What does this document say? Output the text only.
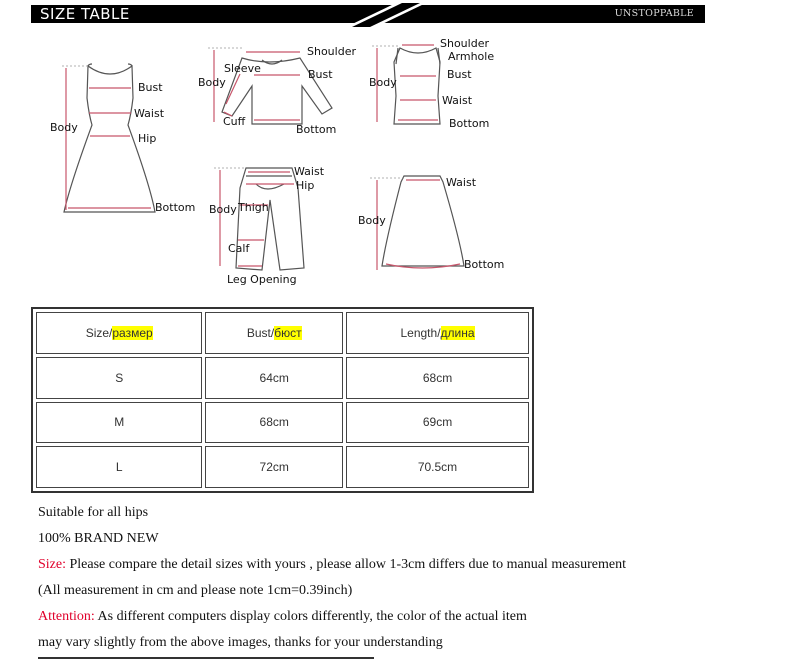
SIZE TABLE	UNSTOPPABLE
Bust
Waist
Hip
Body
Bottom
Shoulder
Sleeve	Bust
Body
Cuff
Bottom
Shoulder
Armhole
Bust
Body
Waist
Bottom
Waist
Hip
Body Thigh
Calf
Leg Opening
Waist
Body
Bottom
Size/размер	Bust/бюст	Length/длина
S	64cm	68cm
M	68cm	69cm
L	72cm	70.5cm
Suitable for all hips
100% BRAND NEW
Size: Please compare the detail sizes with yours , please allow 1-3cm differs due to manual measurement
(All measurement in cm and please note 1cm=0.39inch)
Attention: As different computers display colors differently, the color of the actual item
may vary slightly from the above images, thanks for your understanding
